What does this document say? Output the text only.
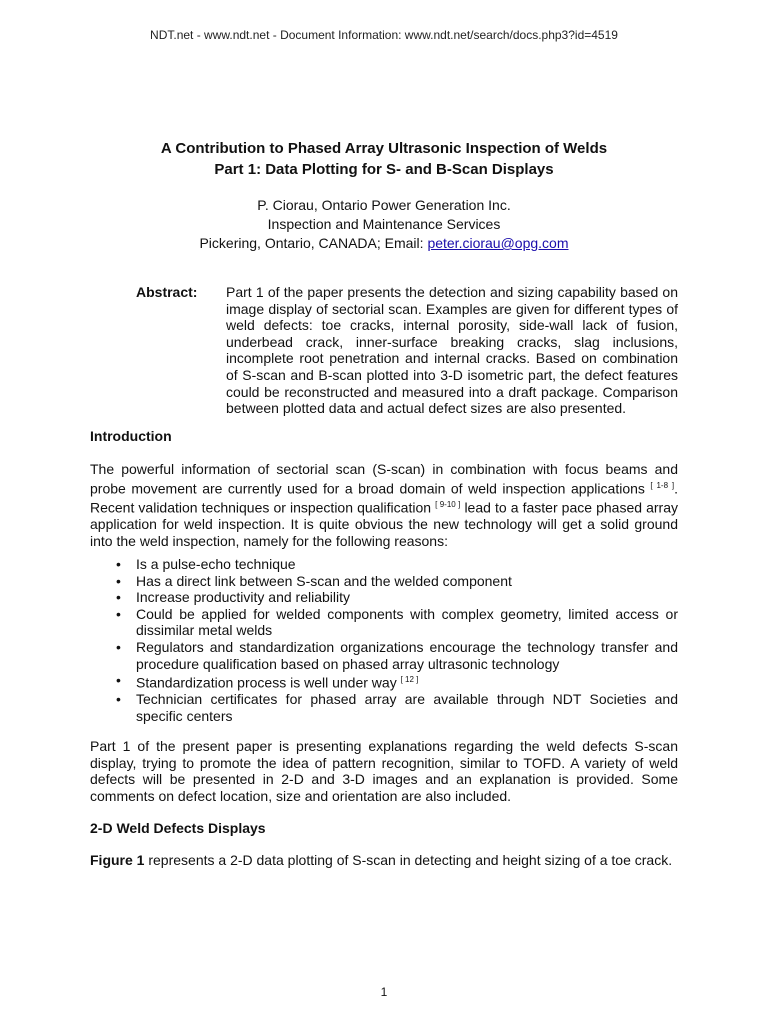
NDT.net - www.ndt.net - Document Information: www.ndt.net/search/docs.php3?id=4519
A Contribution to Phased Array Ultrasonic Inspection of Welds
Part 1: Data Plotting for S- and B-Scan Displays
P. Ciorau, Ontario Power Generation Inc.
Inspection and Maintenance Services
Pickering, Ontario, CANADA; Email: peter.ciorau@opg.com
Abstract: Part 1 of the paper presents the detection and sizing capability based on image display of sectorial scan. Examples are given for different types of weld defects: toe cracks, internal porosity, side-wall lack of fusion, underbead crack, inner-surface breaking cracks, slag inclusions, incomplete root penetration and internal cracks. Based on combination of S-scan and B-scan plotted into 3-D isometric part, the defect features could be reconstructed and measured into a draft package. Comparison between plotted data and actual defect sizes are also presented.
Introduction
The powerful information of sectorial scan (S-scan) in combination with focus beams and probe movement are currently used for a broad domain of weld inspection applications [ 1-8 ]. Recent validation techniques or inspection qualification [ 9-10 ] lead to a faster pace phased array application for weld inspection. It is quite obvious the new technology will get a solid ground into the weld inspection, namely for the following reasons:
• Is a pulse-echo technique
• Has a direct link between S-scan and the welded component
• Increase productivity and reliability
• Could be applied for welded components with complex geometry, limited access or dissimilar metal welds
• Regulators and standardization organizations encourage the technology transfer and procedure qualification based on phased array ultrasonic technology
• Standardization process is well under way [ 12 ]
• Technician certificates for phased array are available through NDT Societies and specific centers
Part 1 of the present paper is presenting explanations regarding the weld defects S-scan display, trying to promote the idea of pattern recognition, similar to TOFD. A variety of weld defects will be presented in 2-D and 3-D images and an explanation is provided. Some comments on defect location, size and orientation are also included.
2-D Weld Defects Displays
Figure 1 represents a 2-D data plotting of S-scan in detecting and height sizing of a toe crack.
1
